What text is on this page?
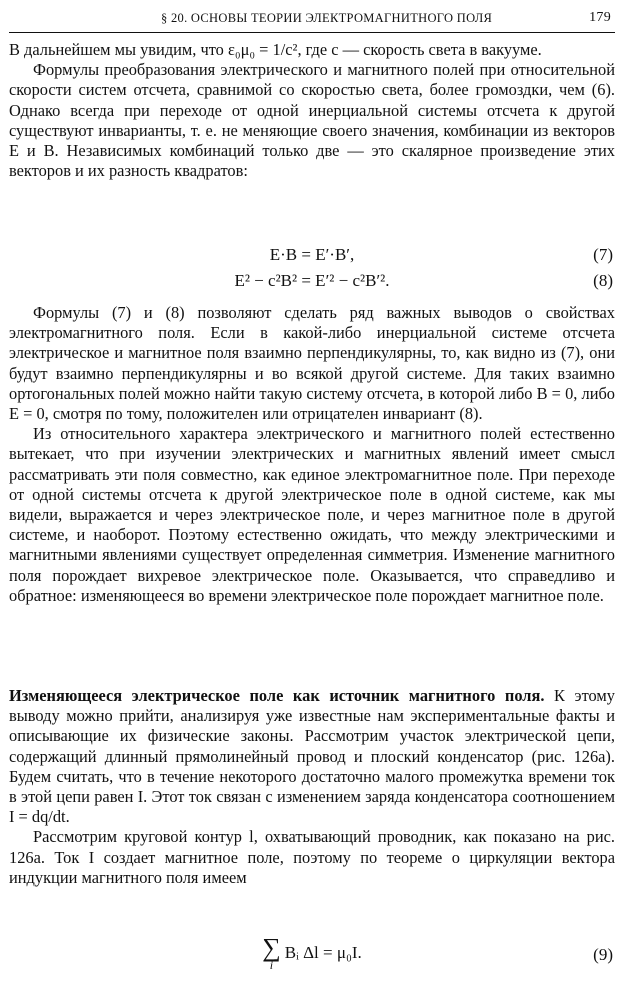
§ 20. ОСНОВЫ ТЕОРИИ ЭЛЕКТРОМАГНИТНОГО ПОЛЯ	179

В дальнейшем мы увидим, что ε₀μ₀ = 1/c², где c — скорость света в вакууме.

Формулы преобразования электрического и магнитного полей при относительной скорости систем отсчета, сравнимой со скоростью света, более громоздки, чем (6). Однако всегда при переходе от одной инерциальной системы отсчета к другой существуют инварианты, т. е. не меняющие своего значения, комбинации из векторов E и B. Независимых комбинаций только две — это скалярное произведение этих векторов и их разность квадратов:

E·B = E′·B′,	(7)
E² − c²B² = E′² − c²B′².	(8)

Формулы (7) и (8) позволяют сделать ряд важных выводов о свойствах электромагнитного поля. Если в какой-либо инерциальной системе отсчета электрическое и магнитное поля взаимно перпендикулярны, то, как видно из (7), они будут взаимно перпендикулярны и во всякой другой системе. Для таких взаимно ортогональных полей можно найти такую систему отсчета, в которой либо B = 0, либо E = 0, смотря по тому, положителен или отрицателен инвариант (8).

Из относительного характера электрического и магнитного полей естественно вытекает, что при изучении электрических и магнитных явлений имеет смысл рассматривать эти поля совместно, как единое электромагнитное поле. При переходе от одной системы отсчета к другой электрическое поле в одной системе, как мы видели, выражается и через электрическое поле, и через магнитное поле в другой системе, и наоборот. Поэтому естественно ожидать, что между электрическими и магнитными явлениями существует определенная симметрия. Изменение магнитного поля порождает вихревое электрическое поле. Оказывается, что справедливо и обратное: изменяющееся во времени электрическое поле порождает магнитное поле.

Изменяющееся электрическое поле как источник магнитного поля. К этому выводу можно прийти, анализируя уже известные нам экспериментальные факты и описывающие их физические законы. Рассмотрим участок электрической цепи, содержащий длинный прямолинейный провод и плоский конденсатор (рис. 126a). Будем считать, что в течение некоторого достаточно малого промежутка времени ток в этой цепи равен I. Этот ток связан с изменением заряда конденсатора соотношением I = dq/dt.

Рассмотрим круговой контур l, охватывающий проводник, как показано на рис. 126a. Ток I создает магнитное поле, поэтому по теореме о циркуляции вектора индукции магнитного поля имеем

∑
i
Bᵢ Δl = μ₀I.	(9)
